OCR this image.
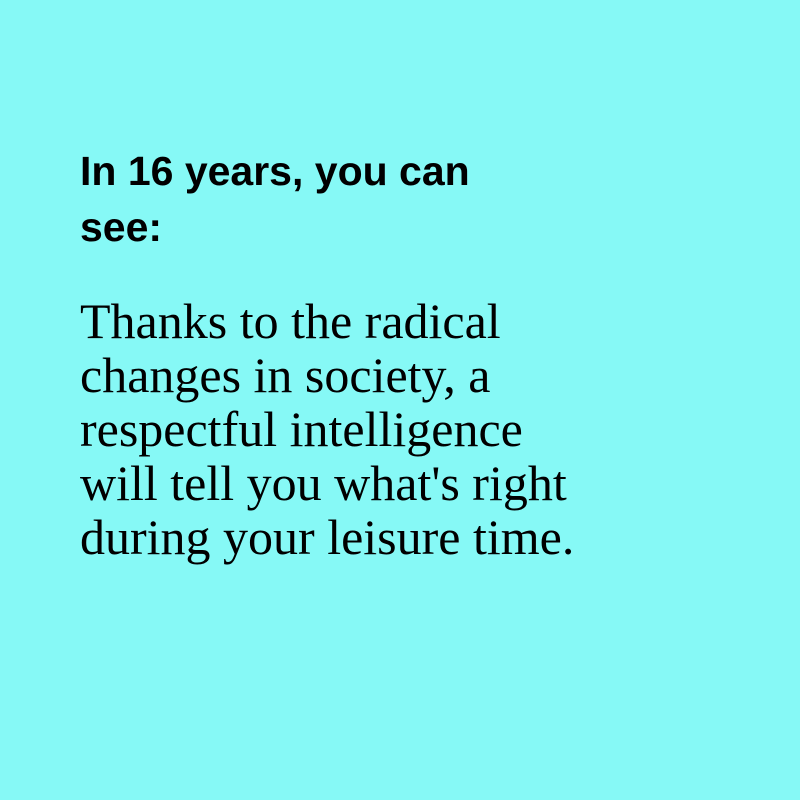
In 16 years, you can
see:

Thanks to the radical
changes in society, a
respectful intelligence
will tell you what's right
during your leisure time.
